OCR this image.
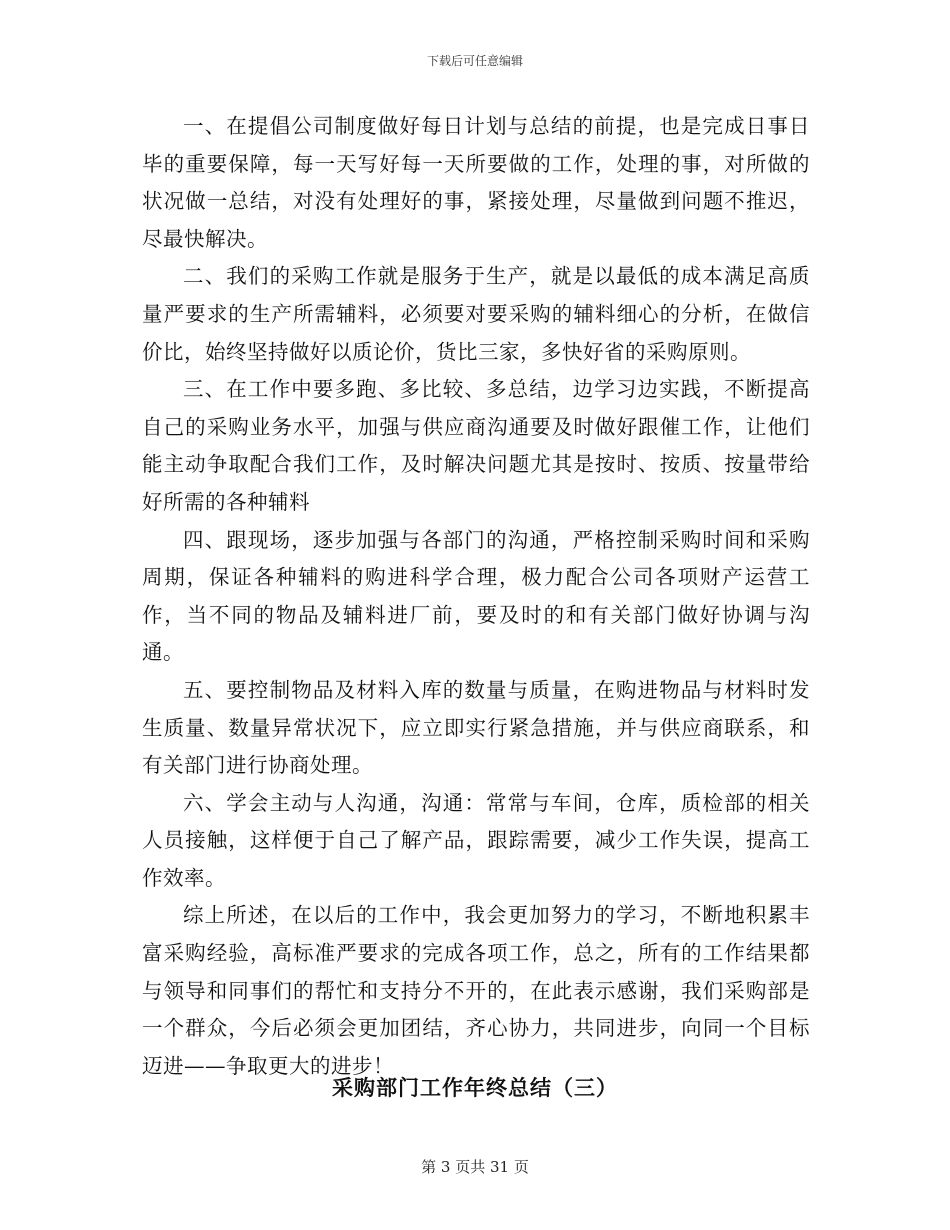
下载后可任意编辑

一、在提倡公司制度做好每日计划与总结的前提，也是完成日事日毕的重要保障，每一天写好每一天所要做的工作，处理的事，对所做的状况做一总结，对没有处理好的事，紧接处理，尽量做到问题不推迟，尽最快解决。

二、我们的采购工作就是服务于生产，就是以最低的成本满足高质量严要求的生产所需辅料，必须要对要采购的辅料细心的分析，在做信价比，始终坚持做好以质论价，货比三家，多快好省的采购原则。

三、在工作中要多跑、多比较、多总结，边学习边实践，不断提高自己的采购业务水平，加强与供应商沟通要及时做好跟催工作，让他们能主动争取配合我们工作，及时解决问题尤其是按时、按质、按量带给好所需的各种辅料

四、跟现场，逐步加强与各部门的沟通，严格控制采购时间和采购周期，保证各种辅料的购进科学合理，极力配合公司各项财产运营工作，当不同的物品及辅料进厂前，要及时的和有关部门做好协调与沟通。

五、要控制物品及材料入库的数量与质量，在购进物品与材料时发生质量、数量异常状况下，应立即实行紧急措施，并与供应商联系，和有关部门进行协商处理。

六、学会主动与人沟通，沟通：常常与车间，仓库，质检部的相关人员接触，这样便于自己了解产品，跟踪需要，减少工作失误，提高工作效率。

综上所述，在以后的工作中，我会更加努力的学习，不断地积累丰富采购经验，高标准严要求的完成各项工作，总之，所有的工作结果都与领导和同事们的帮忙和支持分不开的，在此表示感谢，我们采购部是一个群众，今后必须会更加团结，齐心协力，共同进步，向同一个目标迈进——争取更大的进步！

采购部门工作年终总结（三）
第 3 页共 31 页
